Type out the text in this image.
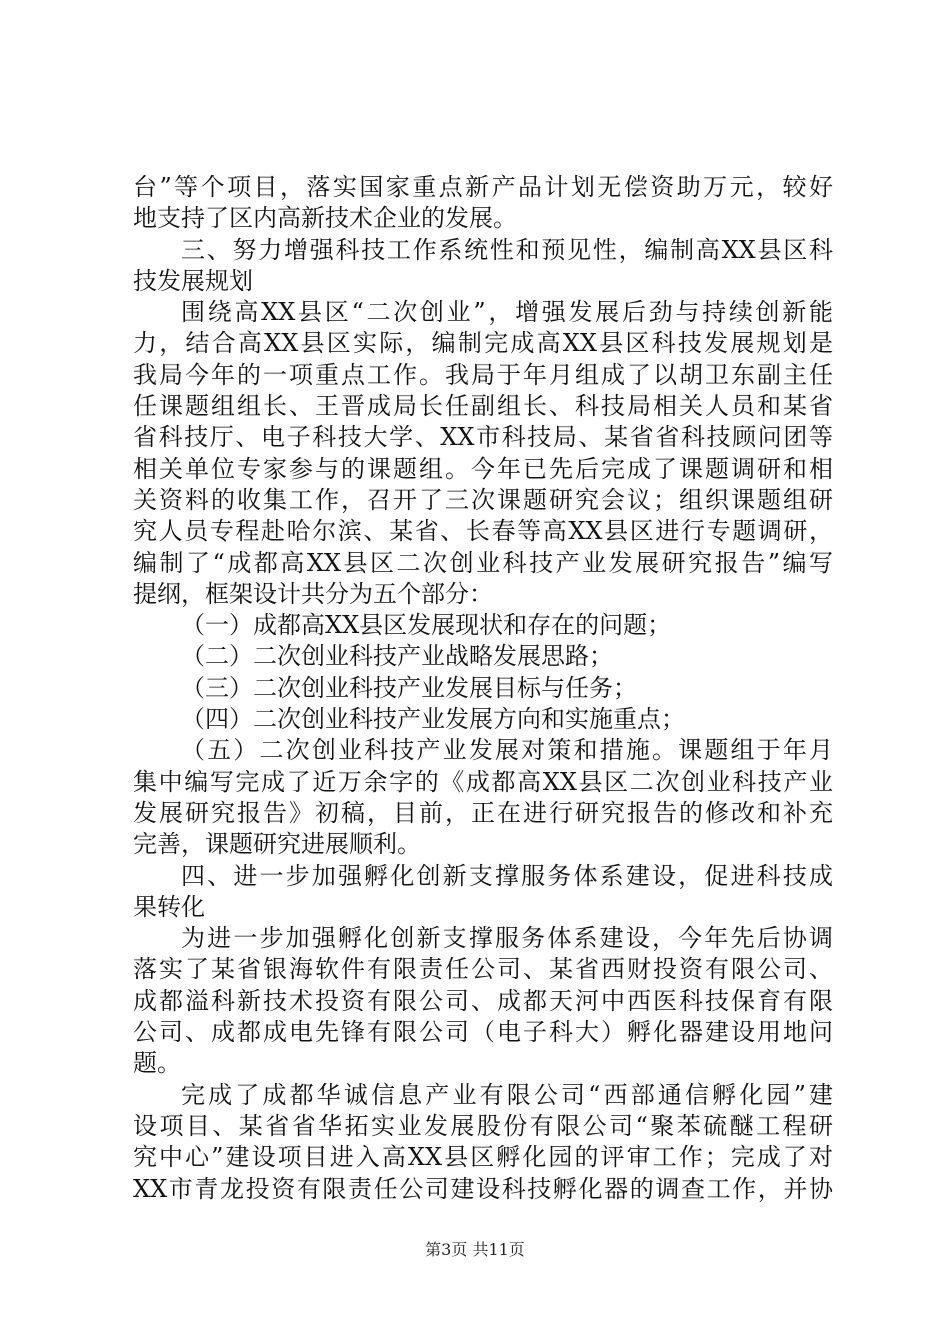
台”等个项目，落实国家重点新产品计划无偿资助万元，较好
地支持了区内高新技术企业的发展。
三、努力增强科技工作系统性和预见性，编制高XX县区科
技发展规划
围绕高XX县区“二次创业”，增强发展后劲与持续创新能
力，结合高XX县区实际，编制完成高XX县区科技发展规划是
我局今年的一项重点工作。我局于年月组成了以胡卫东副主任
任课题组组长、王晋成局长任副组长、科技局相关人员和某省
省科技厅、电子科技大学、XX市科技局、某省省科技顾问团等
相关单位专家参与的课题组。今年已先后完成了课题调研和相
关资料的收集工作，召开了三次课题研究会议；组织课题组研
究人员专程赴哈尔滨、某省、长春等高XX县区进行专题调研，
编制了“成都高XX县区二次创业科技产业发展研究报告”编写
提纲，框架设计共分为五个部分：
（一）成都高XX县区发展现状和存在的问题；
（二）二次创业科技产业战略发展思路；
（三）二次创业科技产业发展目标与任务；
（四）二次创业科技产业发展方向和实施重点；
（五）二次创业科技产业发展对策和措施。课题组于年月
集中编写完成了近万余字的《成都高XX县区二次创业科技产业
发展研究报告》初稿，目前，正在进行研究报告的修改和补充
完善，课题研究进展顺利。
四、进一步加强孵化创新支撑服务体系建设，促进科技成
果转化
为进一步加强孵化创新支撑服务体系建设，今年先后协调
落实了某省银海软件有限责任公司、某省西财投资有限公司、
成都溢科新技术投资有限公司、成都天河中西医科技保育有限
公司、成都成电先锋有限公司（电子科大）孵化器建设用地问
题。
完成了成都华诚信息产业有限公司“西部通信孵化园”建
设项目、某省省华拓实业发展股份有限公司“聚苯硫醚工程研
究中心”建设项目进入高XX县区孵化园的评审工作；完成了对
XX市青龙投资有限责任公司建设科技孵化器的调查工作，并协
第3页 共11页
